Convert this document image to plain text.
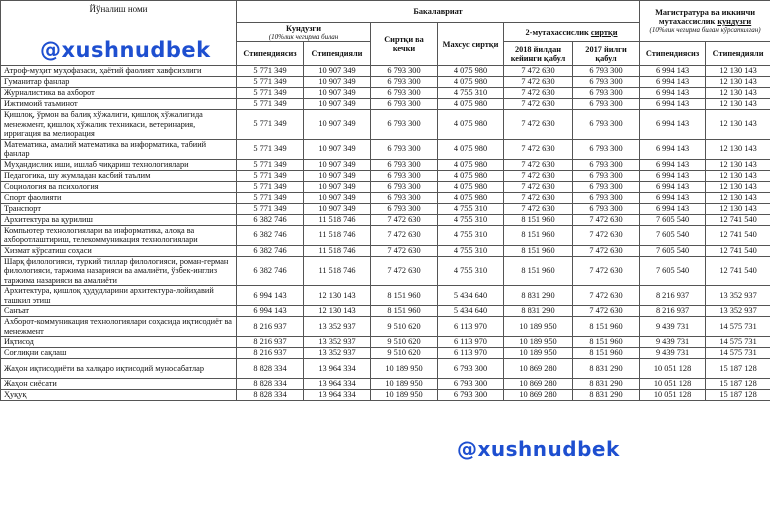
Йўналиш номи	Бакалавриат						Магистратура ва иккинчи мутахассислик кундузги
(10%лик чегирма билан кўрсатилган)	

	Кундузги
(10%лик чегирма билан		Сиртқи ва кечки	Махсус сиртқи	2-мутахассислик сиртқи			

	Стипендиясиз	Стипендияли			2018 йилдан кейинги қабул	2017 йилги қабул	Стипендиясиз	Стипендияли
Атроф-муҳит муҳофазаси, ҳаётий фаолият хавфсизлиги	5 771 349	10 907 349	6 793 300	4 075 980	7 472 630	6 793 300	6 994 143	12 130 143
Гуманитар фанлар	5 771 349	10 907 349	6 793 300	4 075 980	7 472 630	6 793 300	6 994 143	12 130 143
Журналистика ва ахборот	5 771 349	10 907 349	6 793 300	4 755 310	7 472 630	6 793 300	6 994 143	12 130 143
Ижтимоий таъминот	5 771 349	10 907 349	6 793 300	4 075 980	7 472 630	6 793 300	6 994 143	12 130 143
Қишлоқ, ўрмон ва балиқ хўжалиги, қишлоқ хўжалигида менежмент, қишлоқ хўжалик техникаси, ветеринария, ирригация ва мелиорация	5 771 349	10 907 349	6 793 300	4 075 980	7 472 630	6 793 300	6 994 143	12 130 143
Математика, амалий математика ва информатика, табиий фанлар	5 771 349	10 907 349	6 793 300	4 075 980	7 472 630	6 793 300	6 994 143	12 130 143
Муҳандислик иши, ишлаб чиқариш технологиялари	5 771 349	10 907 349	6 793 300	4 075 980	7 472 630	6 793 300	6 994 143	12 130 143
Педагогика, шу жумладан касбий таълим	5 771 349	10 907 349	6 793 300	4 075 980	7 472 630	6 793 300	6 994 143	12 130 143
Социология ва психология	5 771 349	10 907 349	6 793 300	4 075 980	7 472 630	6 793 300	6 994 143	12 130 143
Спорт фаолияти	5 771 349	10 907 349	6 793 300	4 075 980	7 472 630	6 793 300	6 994 143	12 130 143
Транспорт	5 771 349	10 907 349	6 793 300	4 755 310	7 472 630	6 793 300	6 994 143	12 130 143
Архитектура ва қурилиш	6 382 746	11 518 746	7 472 630	4 755 310	8 151 960	7 472 630	7 605 540	12 741 540
Компьютер технологиялари ва информатика, алоқа ва ахборотлаштириш, телекоммуникация технологиялари	6 382 746	11 518 746	7 472 630	4 755 310	8 151 960	7 472 630	7 605 540	12 741 540
Хизмат кўрсатиш соҳаси	6 382 746	11 518 746	7 472 630	4 755 310	8 151 960	7 472 630	7 605 540	12 741 540
Шарқ филологияси, туркий тиллар филологияси, роман-герман филологияси, таржима назарияси ва амалиёти, ўзбек-инглиз таржима назарияси ва амалиёти	6 382 746	11 518 746	7 472 630	4 755 310	8 151 960	7 472 630	7 605 540	12 741 540
Архитектура, қишлоқ ҳудудларини архитектура-лойиҳавий ташкил этиш	6 994 143	12 130 143	8 151 960	5 434 640	8 831 290	7 472 630	8 216 937	13 352 937
Санъат	6 994 143	12 130 143	8 151 960	5 434 640	8 831 290	7 472 630	8 216 937	13 352 937
Ахборот-коммуникация технологиялари соҳасида иқтисодиёт ва менежмент	8 216 937	13 352 937	9 510 620	6 113 970	10 189 950	8 151 960	9 439 731	14 575 731
Иқтисод	8 216 937	13 352 937	9 510 620	6 113 970	10 189 950	8 151 960	9 439 731	14 575 731
Соғлиқни сақлаш	8 216 937	13 352 937	9 510 620	6 113 970	10 189 950	8 151 960	9 439 731	14 575 731
Жаҳон иқтисодиёти ва халқаро иқтисодий муносабатлар	8 828 334	13 964 334	10 189 950	6 793 300	10 869 280	8 831 290	10 051 128	15 187 128
Жаҳон сиёсати	8 828 334	13 964 334	10 189 950	6 793 300	10 869 280	8 831 290	10 051 128	15 187 128
Ҳуқуқ	8 828 334	13 964 334	10 189 950	6 793 300	10 869 280	8 831 290	10 051 128	15 187 128
@xushnudbek
@xushnudbek
